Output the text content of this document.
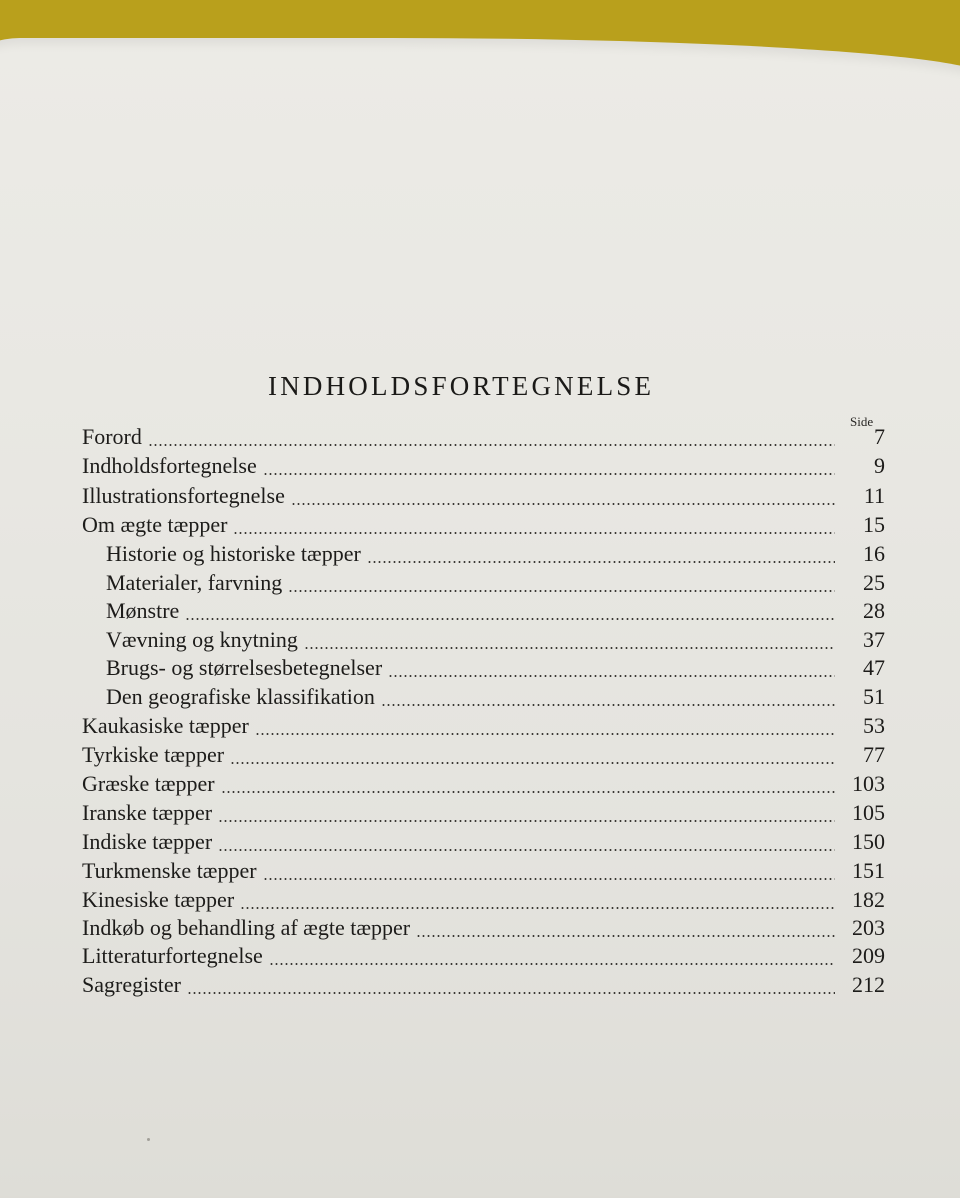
INDHOLDSFORTEGNELSE
Side
Forord	7
Indholdsfortegnelse	9
Illustrationsfortegnelse	11
Om ægte tæpper	15
Historie og historiske tæpper	16
Materialer, farvning	25
Mønstre	28
Vævning og knytning	37
Brugs- og størrelsesbetegnelser	47
Den geografiske klassifikation	51
Kaukasiske tæpper	53
Tyrkiske tæpper	77
Græske tæpper	103
Iranske tæpper	105
Indiske tæpper	150
Turkmenske tæpper	151
Kinesiske tæpper	182
Indkøb og behandling af ægte tæpper	203
Litteraturfortegnelse	209
Sagregister	212
